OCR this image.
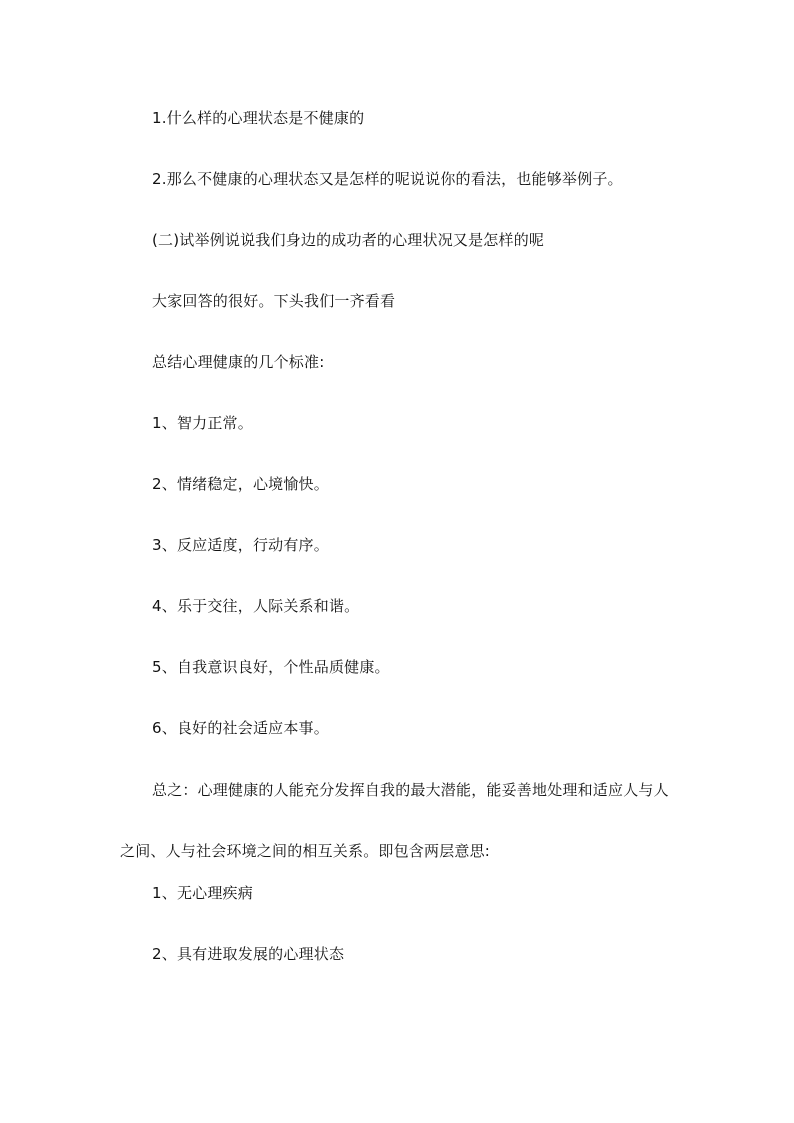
1.什么样的心理状态是不健康的
2.那么不健康的心理状态又是怎样的呢说说你的看法，也能够举例子。
(二)试举例说说我们身边的成功者的心理状况又是怎样的呢
大家回答的很好。下头我们一齐看看
总结心理健康的几个标准:
1、智力正常。
2、情绪稳定，心境愉快。
3、反应适度，行动有序。
4、乐于交往，人际关系和谐。
5、自我意识良好，个性品质健康。
6、良好的社会适应本事。
总之：心理健康的人能充分发挥自我的最大潜能，能妥善地处理和适应人与人之间、人与社会环境之间的相互关系。即包含两层意思:
1、无心理疾病
2、具有进取发展的心理状态
